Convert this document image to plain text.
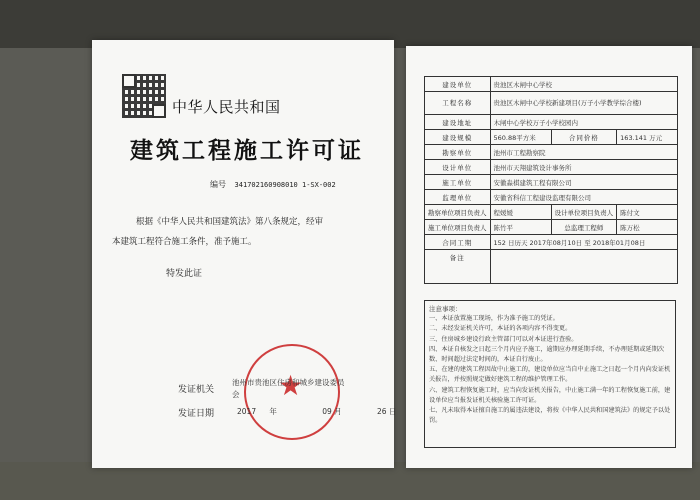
中华人民共和国
建筑工程施工许可证
编号 341702160908010 1-SX-002
根据《中华人民共和国建筑法》第八条规定，经审
本建筑工程符合施工条件，准予施工。
特发此证
★
发证机关
池州市贵池区住房和城乡建设委员会
发证日期	2017 年	09 月	26 日
建设单位	贵池区木闸中心学校		
工程名称	贵池区木闸中心学校新建项目(万子小学教学综合楼)		
建设地址	木闸中心学校万子小学校园内		
建设规模	560.88平方米	合同价格	163.141 万元
勘察单位	池州市工程勘察院		
设计单位	池州市天翔建筑设计事务所		
施工单位	安徽淼棋建筑工程有限公司		
监理单位	安徽省科信工程建设监理有限公司		
勘察单位项目负责人	程媛媛	设计单位项目负责人	陈付文
施工单位项目负责人	陈竹平	总监理工程师	陈万松
合同工期	152 日历天 2017年08月10日 至 2018年01月08日		
备注			
注意事项：
一、本证放置施工现场，作为准予施工的凭证。
二、未经发证机关许可，本证的各项内容不得变更。
三、住房城乡建设行政主管部门可以对本证进行查验。
四、本证自核发之日起三个月内应予施工，逾期应办理延期手续，不办理延期或延期次数、时间超过法定时间的，本证自行废止。
五、在建的建筑工程因故中止施工的，建设单位应当自中止施工之日起一个月内向发证机关报告，并按照规定做好建筑工程的维护管理工作。
六、建筑工程恢复施工时，应当向发证机关报告，中止施工满一年的工程恢复施工前，建设单位应当报发证机关核验施工许可证。
七、凡未取得本证擅自施工的属违法建设，将按《中华人民共和国建筑法》的规定予以处罚。
